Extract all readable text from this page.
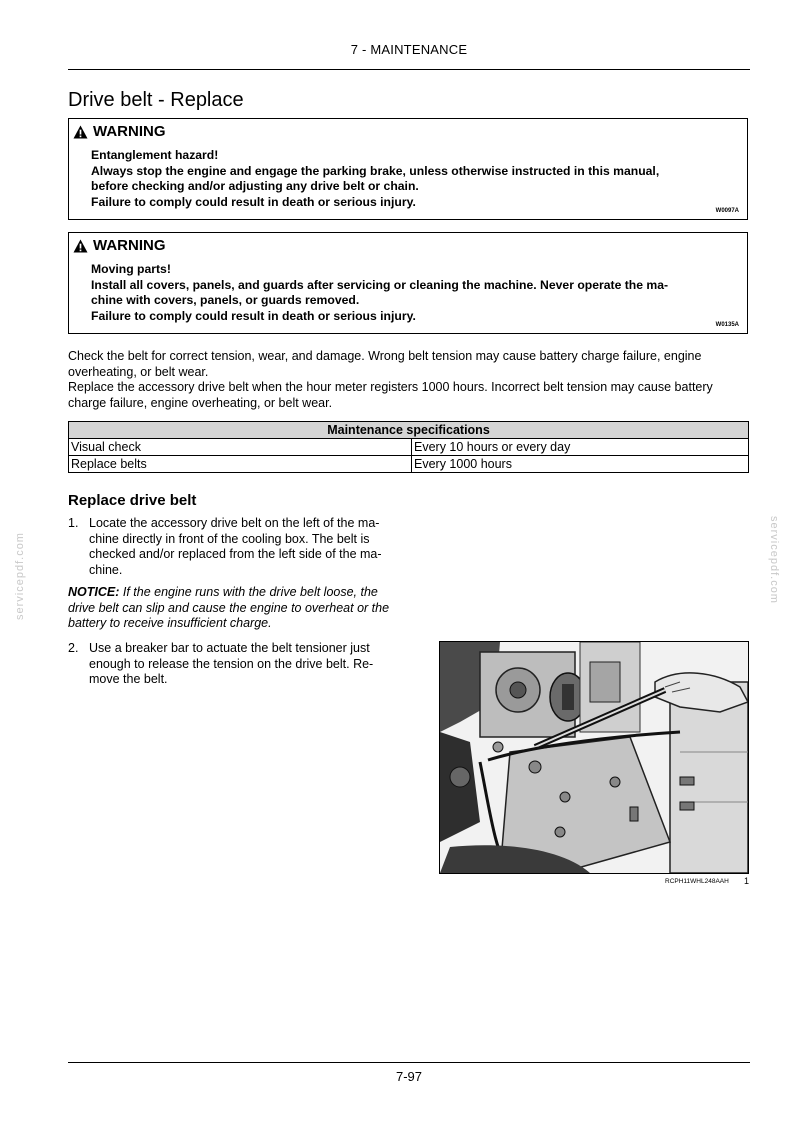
7 - MAINTENANCE
Drive belt - Replace
WARNING
Entanglement hazard!
Always stop the engine and engage the parking brake, unless otherwise instructed in this manual,
before checking and/or adjusting any drive belt or chain.
Failure to comply could result in death or serious injury.
W0097A
WARNING
Moving parts!
Install all covers, panels, and guards after servicing or cleaning the machine. Never operate the ma-
chine with covers, panels, or guards removed.
Failure to comply could result in death or serious injury.
W0135A
Check the belt for correct tension, wear, and damage. Wrong belt tension may cause battery charge failure, engine
overheating, or belt wear.
Replace the accessory drive belt when the hour meter registers 1000 hours. Incorrect belt tension may cause battery
charge failure, engine overheating, or belt wear.
Maintenance specifications	
Visual check	Every 10 hours or every day
Replace belts	Every 1000 hours
Replace drive belt
1. Locate the accessory drive belt on the left of the ma-
chine directly in front of the cooling box. The belt is
checked and/or replaced from the left side of the ma-
chine.
NOTICE: If the engine runs with the drive belt loose, the
drive belt can slip and cause the engine to overheat or the
battery to receive insufficient charge.
2. Use a breaker bar to actuate the belt tensioner just
enough to release the tension on the drive belt. Re-
move the belt.
RCPH11WHL248AAH 1
servicepdf.com	servicepdf.com
7-97
